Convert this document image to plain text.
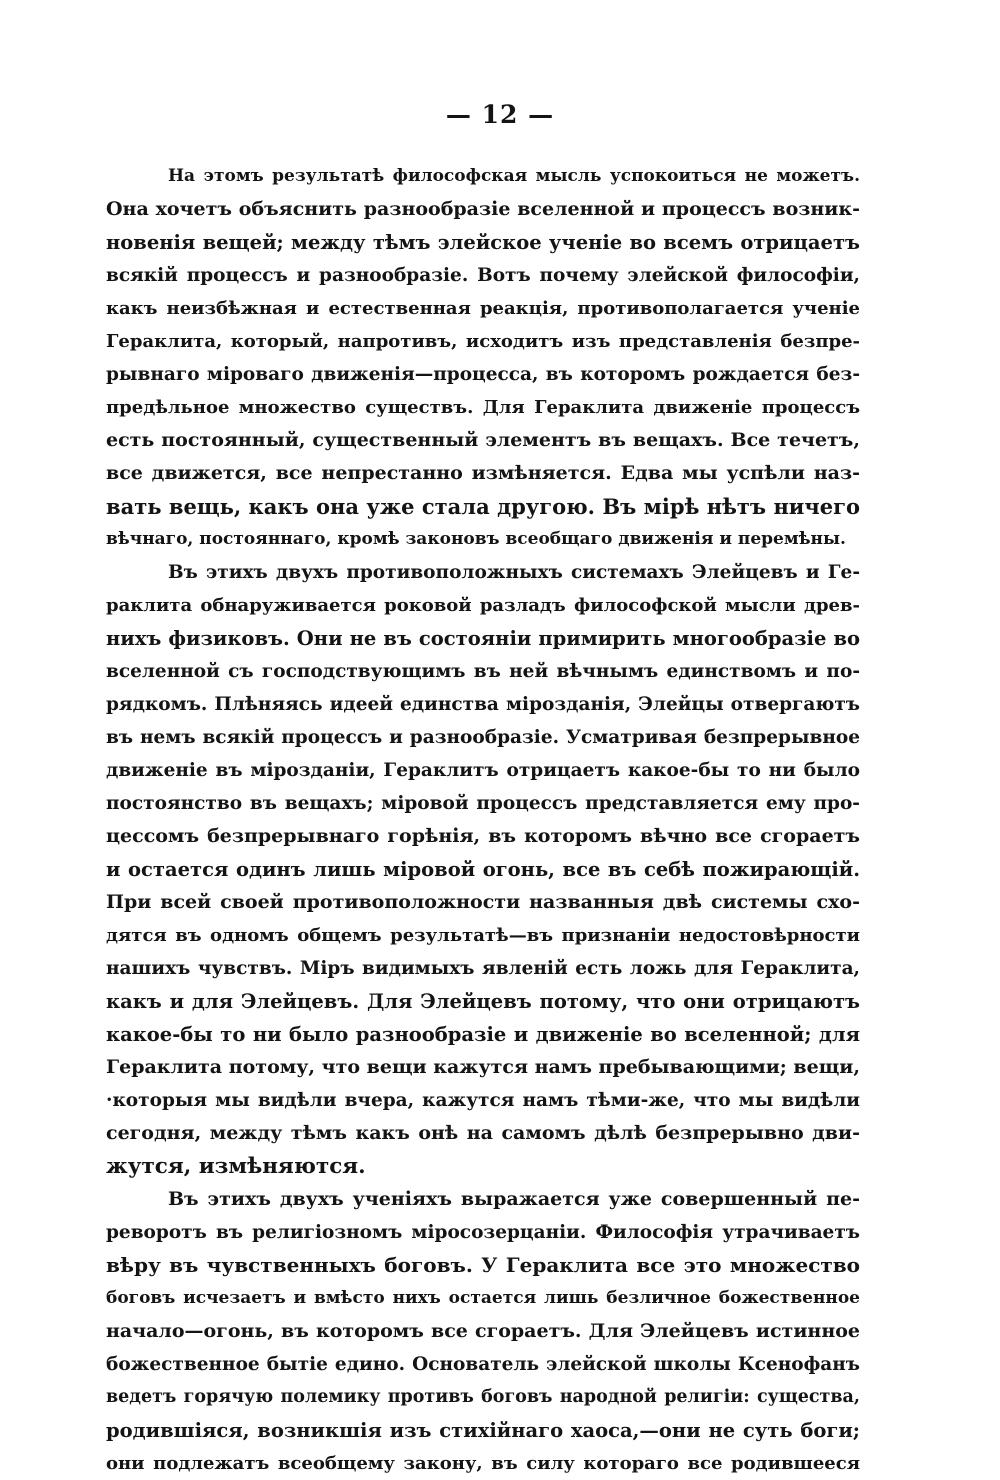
— 12 —
На этомъ результатѣ философская мысль успокоиться не можетъ.
Она хочетъ объяснить разнообразіе вселенной и процессъ возник-
новенія вещей; между тѣмъ элейское ученіе во всемъ отрицаетъ
всякій процессъ и разнообразіе. Вотъ почему элейской философіи,
какъ неизбѣжная и естественная реакція, противополагается ученіе
Гераклита, который, напротивъ, исходитъ изъ представленія безпре-
рывнаго міроваго движенія—процесса, въ которомъ рождается без-
предѣльное множество существъ. Для Гераклита движеніе процессъ
есть постоянный, существенный элементъ въ вещахъ. Все течетъ,
все движется, все непрестанно измѣняется. Едва мы успѣли наз-
вать вещь, какъ она уже стала другою. Въ мірѣ нѣтъ ничего
вѣчнаго, постояннаго, кромѣ законовъ всеобщаго движенія и перемѣны.
Въ этихъ двухъ противоположныхъ системахъ Элейцевъ и Ге-
раклита обнаруживается роковой разладъ философской мысли древ-
нихъ физиковъ. Они не въ состояніи примирить многообразіе во
вселенной съ господствующимъ въ ней вѣчнымъ единствомъ и по-
рядкомъ. Плѣняясь идеей единства мірозданія, Элейцы отвергаютъ
въ немъ всякій процессъ и разнообразіе. Усматривая безпрерывное
движеніе въ мірозданіи, Гераклитъ отрицаетъ какое-бы то ни было
постоянство въ вещахъ; міровой процессъ представляется ему про-
цессомъ безпрерывнаго горѣнія, въ которомъ вѣчно все сгораетъ
и остается одинъ лишь міровой огонь, все въ себѣ пожирающій.
При всей своей противоположности названныя двѣ системы схо-
дятся въ одномъ общемъ результатѣ—въ признаніи недостовѣрности
нашихъ чувствъ. Міръ видимыхъ явленій есть ложь для Гераклита,
какъ и для Элейцевъ. Для Элейцевъ потому, что они отрицаютъ
какое-бы то ни было разнообразіе и движеніе во вселенной; для
Гераклита потому, что вещи кажутся намъ пребывающими; вещи,
·которыя мы видѣли вчера, кажутся намъ тѣми-же, что мы видѣли
сегодня, между тѣмъ какъ онѣ на самомъ дѣлѣ безпрерывно дви-
жутся, измѣняются.
Въ этихъ двухъ ученіяхъ выражается уже совершенный пе-
реворотъ въ религіозномъ міросозерцаніи. Философія утрачиваетъ
вѣру въ чувственныхъ боговъ. У Гераклита все это множество
боговъ исчезаетъ и вмѣсто нихъ остается лишь безличное божественное
начало—огонь, въ которомъ все сгораетъ. Для Элейцевъ истинное
божественное бытіе едино. Основатель элейской школы Ксенофанъ
ведетъ горячую полемику противъ боговъ народной религіи: существа,
родившіяся, возникшія изъ стихійнаго хаоса,—они не суть боги;
они подлежатъ всеобщему закону, въ силу котораго все родившееся
